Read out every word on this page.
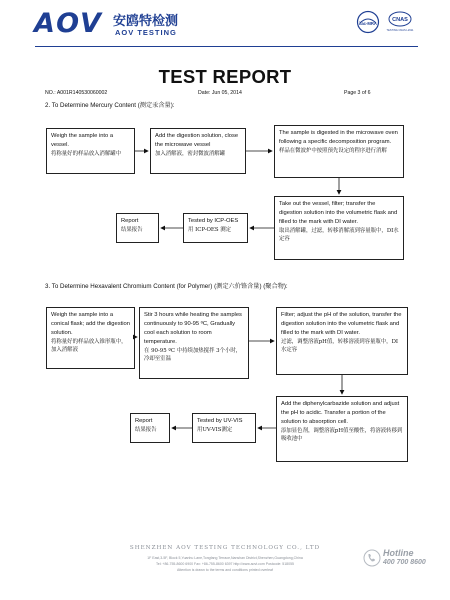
AOV 安鸥特检测
AOV TESTING
ilac-MRA
CNAS
TESTING CNAS L2611
TEST REPORT
NO.: A001R140530060002	Date: Jun 05, 2014	Page 3 of 6
2. To Determine Mercury Content (测定汞含量):
Weigh the sample into a vessel.
将称量好的样品放入消解罐中
Add the digestion solution, close the microwave vessel
加入消解液，密封微波消解罐
The sample is digested in the microwave oven following a specific decomposition program.
样品在微波炉中按照预先设定的程序进行消解
Take out the vessel, filter; transfer the digestion solution into the volumetric flask and filled to the mark with DI water.
取出消解罐，过滤，转移消解液到容量瓶中，DI水定容
Tested by ICP-OES
用 ICP-OES 测定
Report
结果报告
3. To Determine Hexavalent Chromium Content (for Polymer) (测定六价铬含量) (聚合物):
Weigh the sample into a conical flask; add the digestion solution.
将称量好的样品放入锥形瓶中，加入消解液
Stir 3 hours while heating the samples continuously to 90-95 ºC, Gradually cool each solution to room temperature.
在 90-95 ºC 中持续加热搅拌 3个小时，冷却至室温
Filter; adjust the pH of the solution, transfer the digestion solution into the volumetric flask and filled to the mark with DI water.
过滤，调整溶液pH值，转移溶液到容量瓶中，DI水定容
Add the diphenylcarbazide solution and adjust the pH to acidic. Transfer a portion of the solution to absorption cell.
添加显色剂，调整溶液pH值至酸性，将溶液转移到吸收池中
Tested by UV-VIS
用UV-VIS测定
Report
结果报告
SHENZHEN AOV TESTING TECHNOLOGY CO., LTD
1F East,3-5F, Block 5,Yuanhu Lane,Tongfang Terrace,Nanshan District,Shenzhen,Guangdong,China
Tel: +86-755-8600 6900 Fax: +86-755-8600 6397 http://www.aovt.com Postcode: 518055
Attention is drawn to the terms and conditions printed overleaf
Hotline
400 700 8600
